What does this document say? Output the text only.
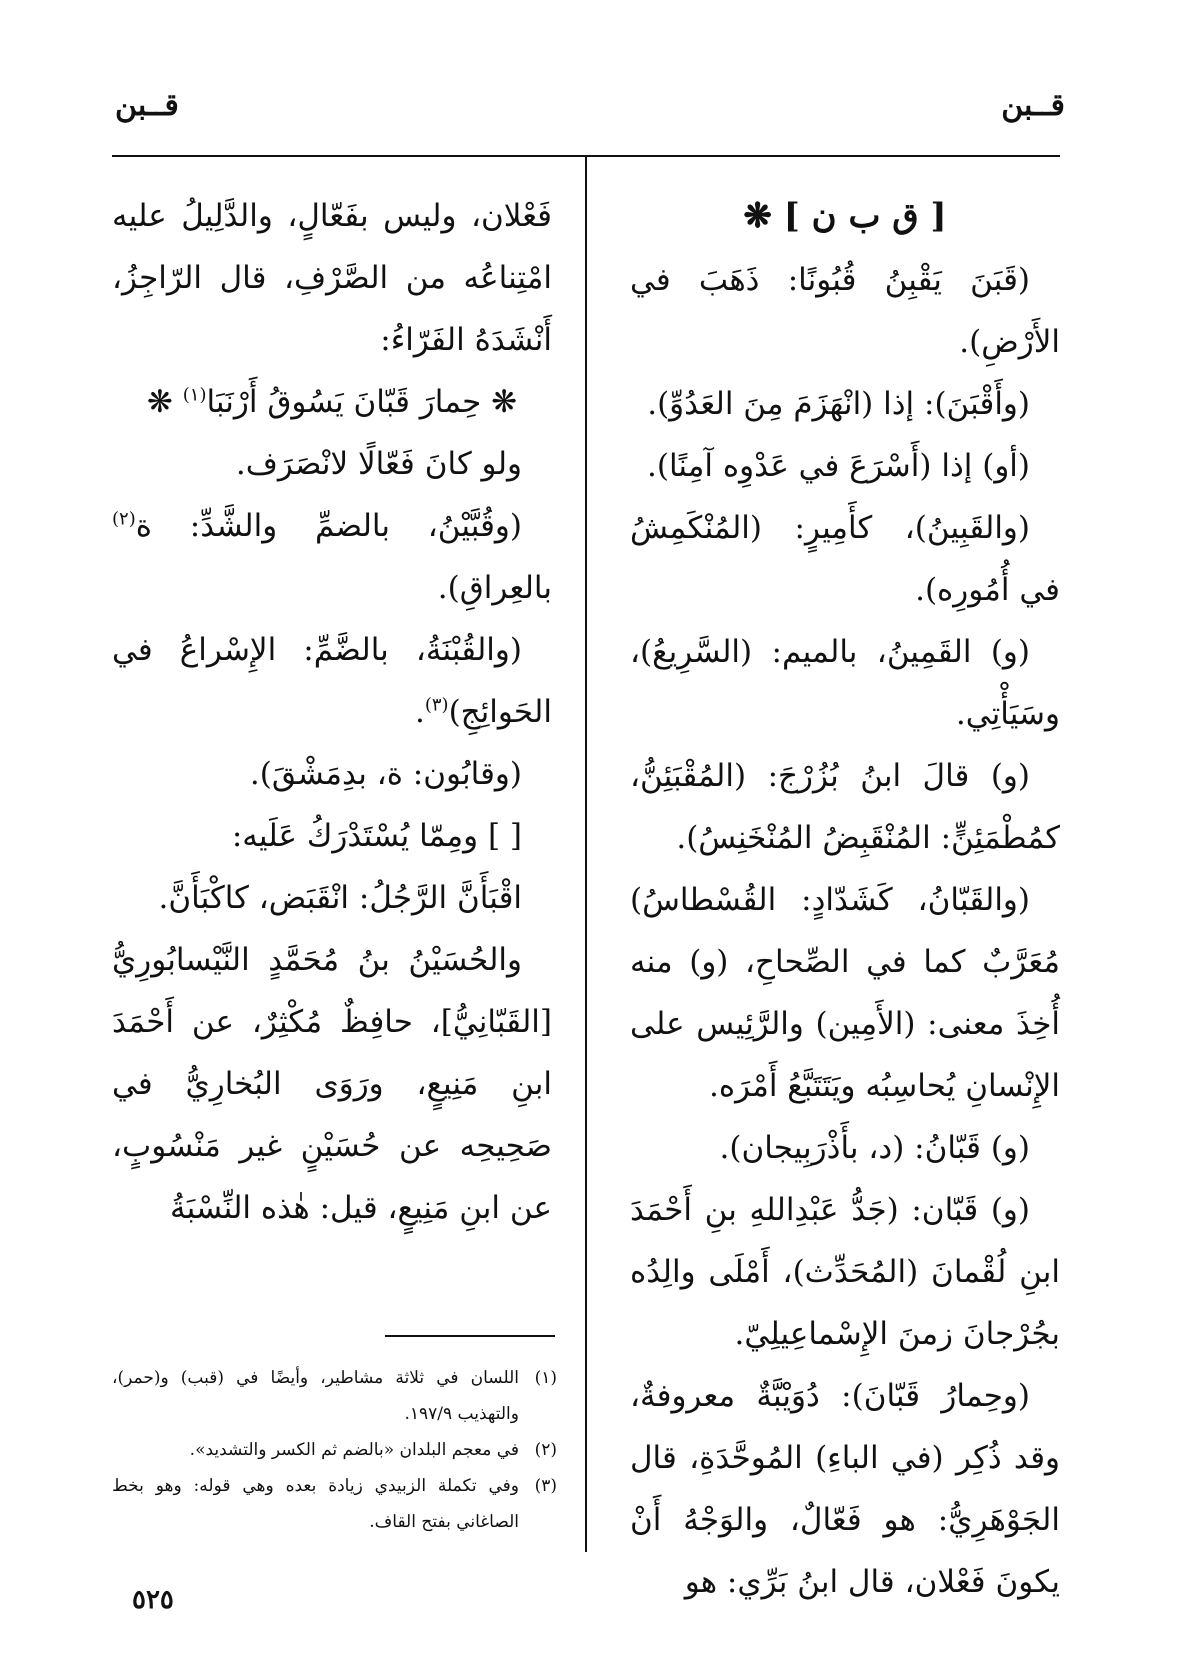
قــبن
قــبن

[ ق ب ن ] ❋

(قَبَنَ يَقْبِنُ قُبُونًا: ذَهَبَ في الأَرْضِ).

(وأَقْبَنَ): إذا (انْهَزَمَ مِنَ العَدُوِّ).

(أو) إذا (أَسْرَعَ في عَدْوِه آمِنًا).

(والقَبِينُ)، كأَمِيرٍ: (المُنْكَمِشُ في أُمُورِه).

(و) القَمِينُ، بالميم: (السَّرِيعُ)، وسَيَأْتِي.

(و) قالَ ابنُ بُزُرْجَ: (المُقْبَئِنُّ، كمُطْمَئِنٍّ: المُنْقَبِضُ المُنْخَنِسُ).

(والقَبّانُ، كَشَدّادٍ: القُسْطاسُ) مُعَرَّبٌ كما في الصِّحاحِ، (و) منه أُخِذَ معنى: (الأَمِين) والرَّئِيس على الإِنْسانِ يُحاسِبُه ويَتَتَبَّعُ أَمْرَه.

(و) قَبّانُ: (د، بأَذْرَبِيجان).

(و) قَبّان: (جَدُّ عَبْدِاللهِ بنِ أَحْمَدَ ابنِ لُقْمانَ (المُحَدِّث)، أَمْلَى والِدُه بجُرْجانَ زمنَ الإِسْماعِيلِيّ.

(وحِمارُ قَبّانَ): دُوَيْبَّةٌ معروفةٌ، وقد ذُكِر (في الباءِ) المُوحَّدَةِ، قال الجَوْهَرِيُّ: هو فَعّالٌ، والوَجْهُ أَنْ يكونَ فَعْلان، قال ابنُ بَرِّي: هو

فَعْلان، وليس بفَعّالٍ، والدَّلِيلُ عليه امْتِناعُه من الصَّرْفِ، قال الرّاجِزُ، أَنْشَدَهُ الفَرّاءُ:

❋ حِمارَ قَبّانَ يَسُوقُ أَرْنَبَا$^{(١)}$ ❋

ولو كانَ فَعّالًا لانْصَرَف.

(وقُبَّيْنُ، بالضمِّ والشَّدِّ: ة$^{(٢)}$ بالعِراقِ).

(والقُبْنَةُ، بالضَّمِّ: الإِسْراعُ في الحَوائِجِ)$^{(٣)}$.

(وقابُون: ة، بدِمَشْقَ).

[ ] ومِمّا يُسْتَدْرَكُ عَلَيه:

اقْبَأَنَّ الرَّجُلُ: انْقَبَض، كاكْبَأَنَّ.

والحُسَيْنُ بنُ مُحَمَّدٍ النَّيْسابُورِيُّ [القَبّانِيُّ]، حافِظٌ مُكْثِرٌ، عن أَحْمَدَ ابنِ مَنِيعٍ، ورَوَى البُخارِيُّ في صَحِيحِه عن حُسَيْنٍ غير مَنْسُوبٍ، عن ابنِ مَنِيعٍ، قيل: هٰذه النِّسْبَةُ

(١)
اللسان في ثلاثة مشاطير، وأيضًا في (قبب) و(حمر)، والتهذيب ١٩٧/٩.
(٢)
في معجم البلدان «بالضم ثم الكسر والتشديد».
(٣)
وفي تكملة الزبيدي زيادة بعده وهي قوله: وهو بخط الصاغاني بفتح القاف.
٥٢٥
